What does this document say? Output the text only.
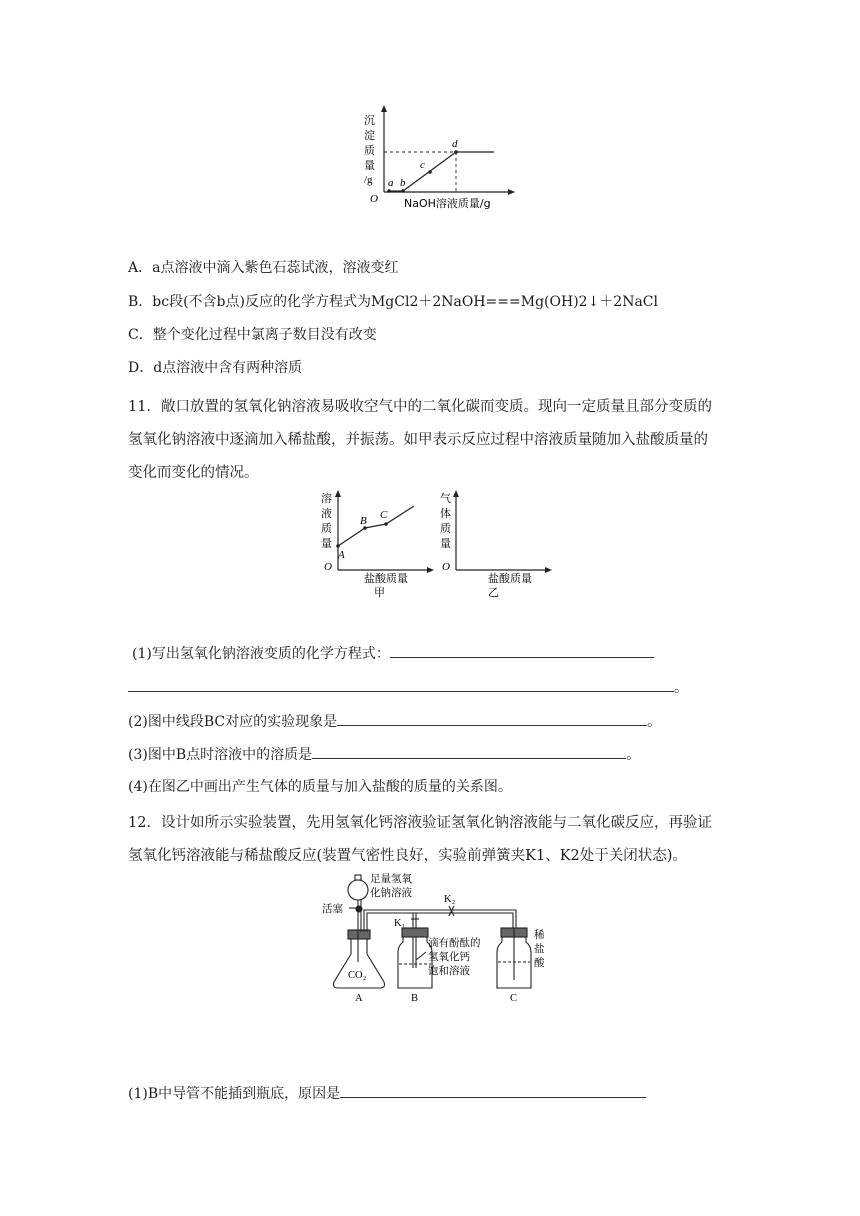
沉
淀
质
量
/g
O
a b
c
d
NaOH溶液质量/g
A．a点溶液中滴入紫色石蕊试液，溶液变红
B．bc段(不含b点)反应的化学方程式为MgCl2＋2NaOH===Mg(OH)2↓＋2NaCl
C．整个变化过程中氯离子数目没有改变
D．d点溶液中含有两种溶质
11．敞口放置的氢氧化钠溶液易吸收空气中的二氧化碳而变质。现向一定质量且部分变质的
氢氧化钠溶液中逐滴加入稀盐酸，并振荡。如甲表示反应过程中溶液质量随加入盐酸质量的
变化而变化的情况。
溶
液
质
量
O
A
B C
盐酸质量
甲
气
体
质
量
O
盐酸质量
乙
(1)写出氢氧化钠溶液变质的化学方程式：
。
(2)图中线段BC对应的实验现象是	。
(3)图中B点时溶液中的溶质是	。
(4)在图乙中画出产生气体的质量与加入盐酸的质量的关系图。
12．设计如所示实验装置，先用氢氧化钙溶液验证氢氧化钠溶液能与二氧化碳反应，再验证
氢氧化钙溶液能与稀盐酸反应(装置气密性良好，实验前弹簧夹K1、K2处于关闭状态)。
足量氢氧
化钠溶液
活塞
K₂
K₁
滴有酚酞的
氢氧化钙
饱和溶液
稀
盐
酸
CO₂
A	B	C
(1)B中导管不能插到瓶底，原因是
